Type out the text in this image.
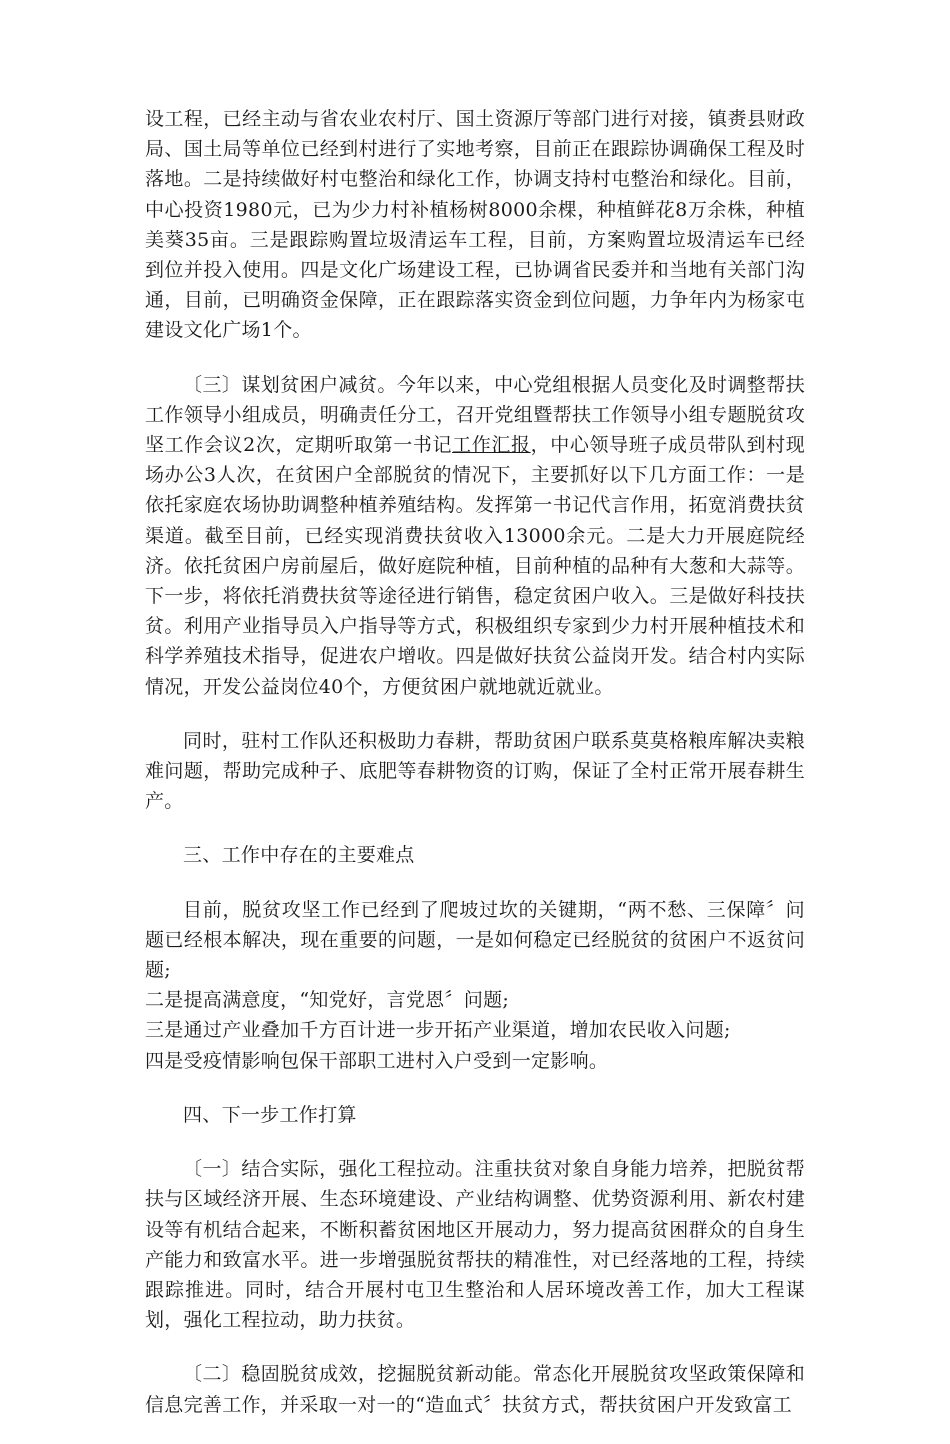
设工程，已经主动与省农业农村厅、国土资源厅等部门进行对接，镇赉县财政局、国土局等单位已经到村进行了实地考察，目前正在跟踪协调确保工程及时落地。二是持续做好村屯整治和绿化工作，协调支持村屯整治和绿化。目前，中心投资1980元，已为少力村补植杨树8000余棵，种植鲜花8万余株，种植美葵35亩。三是跟踪购置垃圾清运车工程，目前，方案购置垃圾清运车已经到位并投入使用。四是文化广场建设工程，已协调省民委并和当地有关部门沟通，目前，已明确资金保障，正在跟踪落实资金到位问题，力争年内为杨家屯建设文化广场1个。

〔三〕谋划贫困户减贫。今年以来，中心党组根据人员变化及时调整帮扶工作领导小组成员，明确责任分工，召开党组暨帮扶工作领导小组专题脱贫攻坚工作会议2次，定期听取第一书记工作汇报，中心领导班子成员带队到村现场办公3人次，在贫困户全部脱贫的情况下，主要抓好以下几方面工作：一是依托家庭农场协助调整种植养殖结构。发挥第一书记代言作用，拓宽消费扶贫渠道。截至目前，已经实现消费扶贫收入13000余元。二是大力开展庭院经济。依托贫困户房前屋后，做好庭院种植，目前种植的品种有大葱和大蒜等。下一步，将依托消费扶贫等途径进行销售，稳定贫困户收入。三是做好科技扶贫。利用产业指导员入户指导等方式，积极组织专家到少力村开展种植技术和科学养殖技术指导，促进农户增收。四是做好扶贫公益岗开发。结合村内实际情况，开发公益岗位40个，方便贫困户就地就近就业。

同时，驻村工作队还积极助力春耕，帮助贫困户联系莫莫格粮库解决卖粮难问题，帮助完成种子、底肥等春耕物资的订购，保证了全村正常开展春耕生产。

三、工作中存在的主要难点

目前，脱贫攻坚工作已经到了爬坡过坎的关键期，“两不愁、三保障〞问题已经根本解决，现在重要的问题，一是如何稳定已经脱贫的贫困户不返贫问题;

二是提高满意度，“知党好，言党恩〞问题;

三是通过产业叠加千方百计进一步开拓产业渠道，增加农民收入问题;

四是受疫情影响包保干部职工进村入户受到一定影响。

四、下一步工作打算

〔一〕结合实际，强化工程拉动。注重扶贫对象自身能力培养，把脱贫帮扶与区域经济开展、生态环境建设、产业结构调整、优势资源利用、新农村建设等有机结合起来，不断积蓄贫困地区开展动力，努力提高贫困群众的自身生产能力和致富水平。进一步增强脱贫帮扶的精准性，对已经落地的工程，持续跟踪推进。同时，结合开展村屯卫生整治和人居环境改善工作，加大工程谋划，强化工程拉动，助力扶贫。

〔二〕稳固脱贫成效，挖掘脱贫新动能。常态化开展脱贫攻坚政策保障和信息完善工作，并采取一对一的“造血式〞扶贫方式，帮扶贫困户开发致富工
